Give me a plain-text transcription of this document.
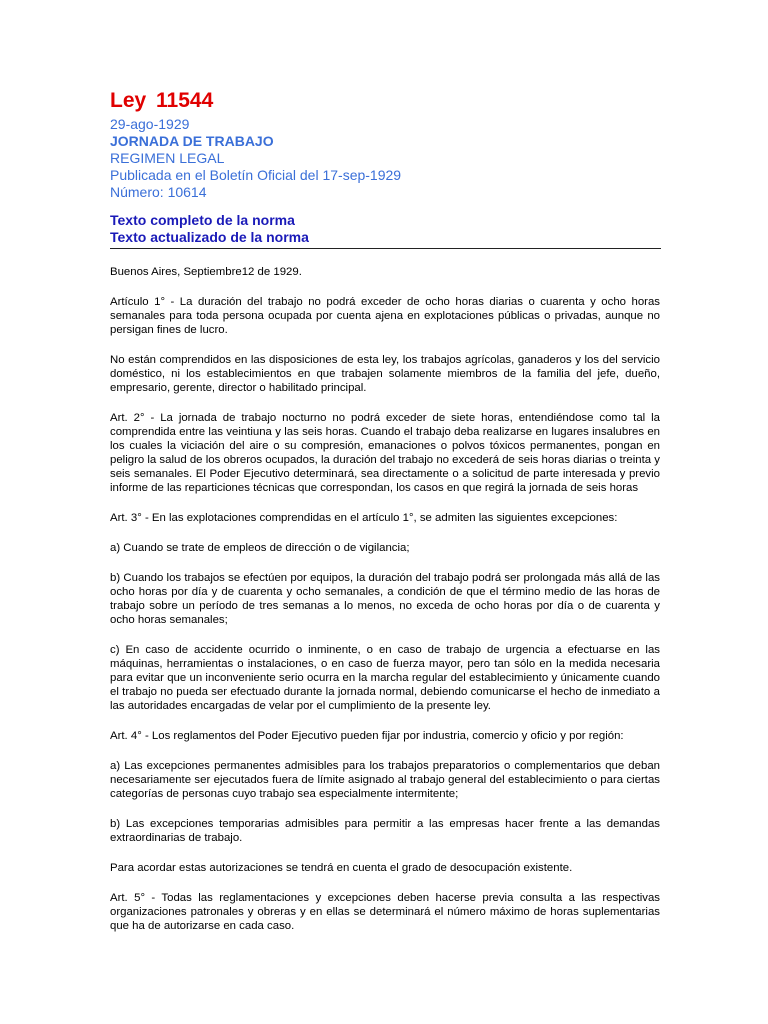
Ley 11544
29-ago-1929
JORNADA DE TRABAJO
REGIMEN LEGAL
Publicada en el Boletín Oficial del 17-sep-1929
Número: 10614
Texto completo de la norma
Texto actualizado de la norma

Buenos Aires, Septiembre12 de 1929.

Artículo 1° - La duración del trabajo no podrá exceder de ocho horas diarias o cuarenta y ocho horas semanales para toda persona ocupada por cuenta ajena en explotaciones públicas o privadas, aunque no persigan fines de lucro.

No están comprendidos en las disposiciones de esta ley, los trabajos agrícolas, ganaderos y los del servicio doméstico, ni los establecimientos en que trabajen solamente miembros de la familia del jefe, dueño, empresario, gerente, director o habilitado principal.

Art. 2° - La jornada de trabajo nocturno no podrá exceder de siete horas, entendiéndose como tal la comprendida entre las veintiuna y las seis horas. Cuando el trabajo deba realizarse en lugares insalubres en los cuales la viciación del aire o su compresión, emanaciones o polvos tóxicos permanentes, pongan en peligro la salud de los obreros ocupados, la duración del trabajo no excederá de seis horas diarias o treinta y seis semanales. El Poder Ejecutivo determinará, sea directamente o a solicitud de parte interesada y previo informe de las reparticiones técnicas que correspondan, los casos en que regirá la jornada de seis horas

Art. 3° - En las explotaciones comprendidas en el artículo 1°, se admiten las siguientes excepciones:

a) Cuando se trate de empleos de dirección o de vigilancia;

b) Cuando los trabajos se efectúen por equipos, la duración del trabajo podrá ser prolongada más allá de las ocho horas por día y de cuarenta y ocho semanales, a condición de que el término medio de las horas de trabajo sobre un período de tres semanas a lo menos, no exceda de ocho horas por día o de cuarenta y ocho horas semanales;

c) En caso de accidente ocurrido o inminente, o en caso de trabajo de urgencia a efectuarse en las máquinas, herramientas o instalaciones, o en caso de fuerza mayor, pero tan sólo en la medida necesaria para evitar que un inconveniente serio ocurra en la marcha regular del establecimiento y únicamente cuando el trabajo no pueda ser efectuado durante la jornada normal, debiendo comunicarse el hecho de inmediato a las autoridades encargadas de velar por el cumplimiento de la presente ley.

Art. 4° - Los reglamentos del Poder Ejecutivo pueden fijar por industria, comercio y oficio y por región:

a) Las excepciones permanentes admisibles para los trabajos preparatorios o complementarios que deban necesariamente ser ejecutados fuera de límite asignado al trabajo general del establecimiento o para ciertas categorías de personas cuyo trabajo sea especialmente intermitente;

b) Las excepciones temporarias admisibles para permitir a las empresas hacer frente a las demandas extraordinarias de trabajo.

Para acordar estas autorizaciones se tendrá en cuenta el grado de desocupación existente.

Art. 5° - Todas las reglamentaciones y excepciones deben hacerse previa consulta a las respectivas organizaciones patronales y obreras y en ellas se determinará el número máximo de horas suplementarias que ha de autorizarse en cada caso.
